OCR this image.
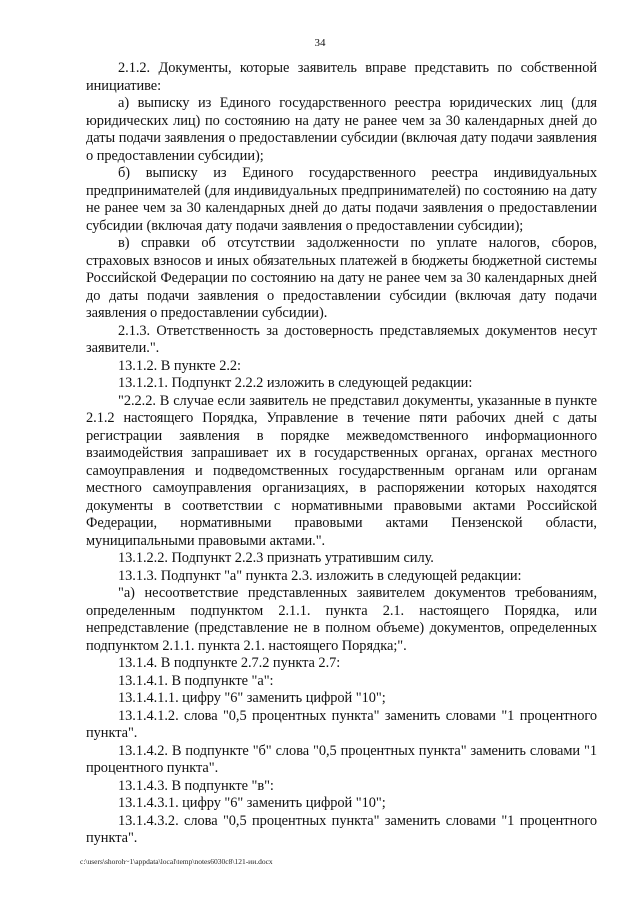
34

2.1.2. Документы, которые заявитель вправе представить по собственной инициативе:

а) выписку из Единого государственного реестра юридических лиц (для юридических лиц) по состоянию на дату не ранее чем за 30 календарных дней до даты подачи заявления о предоставлении субсидии (включая дату подачи заявления о предоставлении субсидии);

б) выписку из Единого государственного реестра индивидуальных предпринимателей (для индивидуальных предпринимателей) по состоянию на дату не ранее чем за 30 календарных дней до даты подачи заявления о предоставлении субсидии (включая дату подачи заявления о предоставлении субсидии);

в) справки об отсутствии задолженности по уплате налогов, сборов, страховых взносов и иных обязательных платежей в бюджеты бюджетной системы Российской Федерации по состоянию на дату не ранее чем за 30 календарных дней до даты подачи заявления о предоставлении субсидии (включая дату подачи заявления о предоставлении субсидии).

2.1.3. Ответственность за достоверность представляемых документов несут заявители.".

13.1.2. В пункте 2.2:

13.1.2.1. Подпункт 2.2.2 изложить в следующей редакции:

"2.2.2. В случае если заявитель не представил документы, указанные в пункте 2.1.2 настоящего Порядка, Управление в течение пяти рабочих дней с даты регистрации заявления в порядке межведомственного информационного взаимодействия запрашивает их в государственных органах, органах местного самоуправления и подведомственных государственным органам или органам местного самоуправления организациях, в распоряжении которых находятся документы в соответствии с нормативными правовыми актами Российской Федерации, нормативными правовыми актами Пензенской области, муниципальными правовыми актами.".

13.1.2.2. Подпункт 2.2.3 признать утратившим силу.

13.1.3. Подпункт "а" пункта 2.3. изложить в следующей редакции:

"а) несоответствие представленных заявителем документов требованиям, определенным подпунктом 2.1.1. пункта 2.1. настоящего Порядка, или непредставление (представление не в полном объеме) документов, определенных подпунктом 2.1.1. пункта 2.1. настоящего Порядка;".

13.1.4. В подпункте 2.7.2 пункта 2.7:

13.1.4.1. В подпункте "а":

13.1.4.1.1. цифру "6" заменить цифрой "10";

13.1.4.1.2. слова "0,5 процентных пункта" заменить словами "1 процентного пункта".

13.1.4.2. В подпункте "б" слова "0,5 процентных пункта" заменить словами "1 процентного пункта".

13.1.4.3. В подпункте "в":

13.1.4.3.1. цифру "6" заменить цифрой "10";

13.1.4.3.2. слова "0,5 процентных пункта" заменить словами "1 процентного пункта".

c:\users\shoroh~1\appdata\local\temp\notes6030c8\121-ии.docx
